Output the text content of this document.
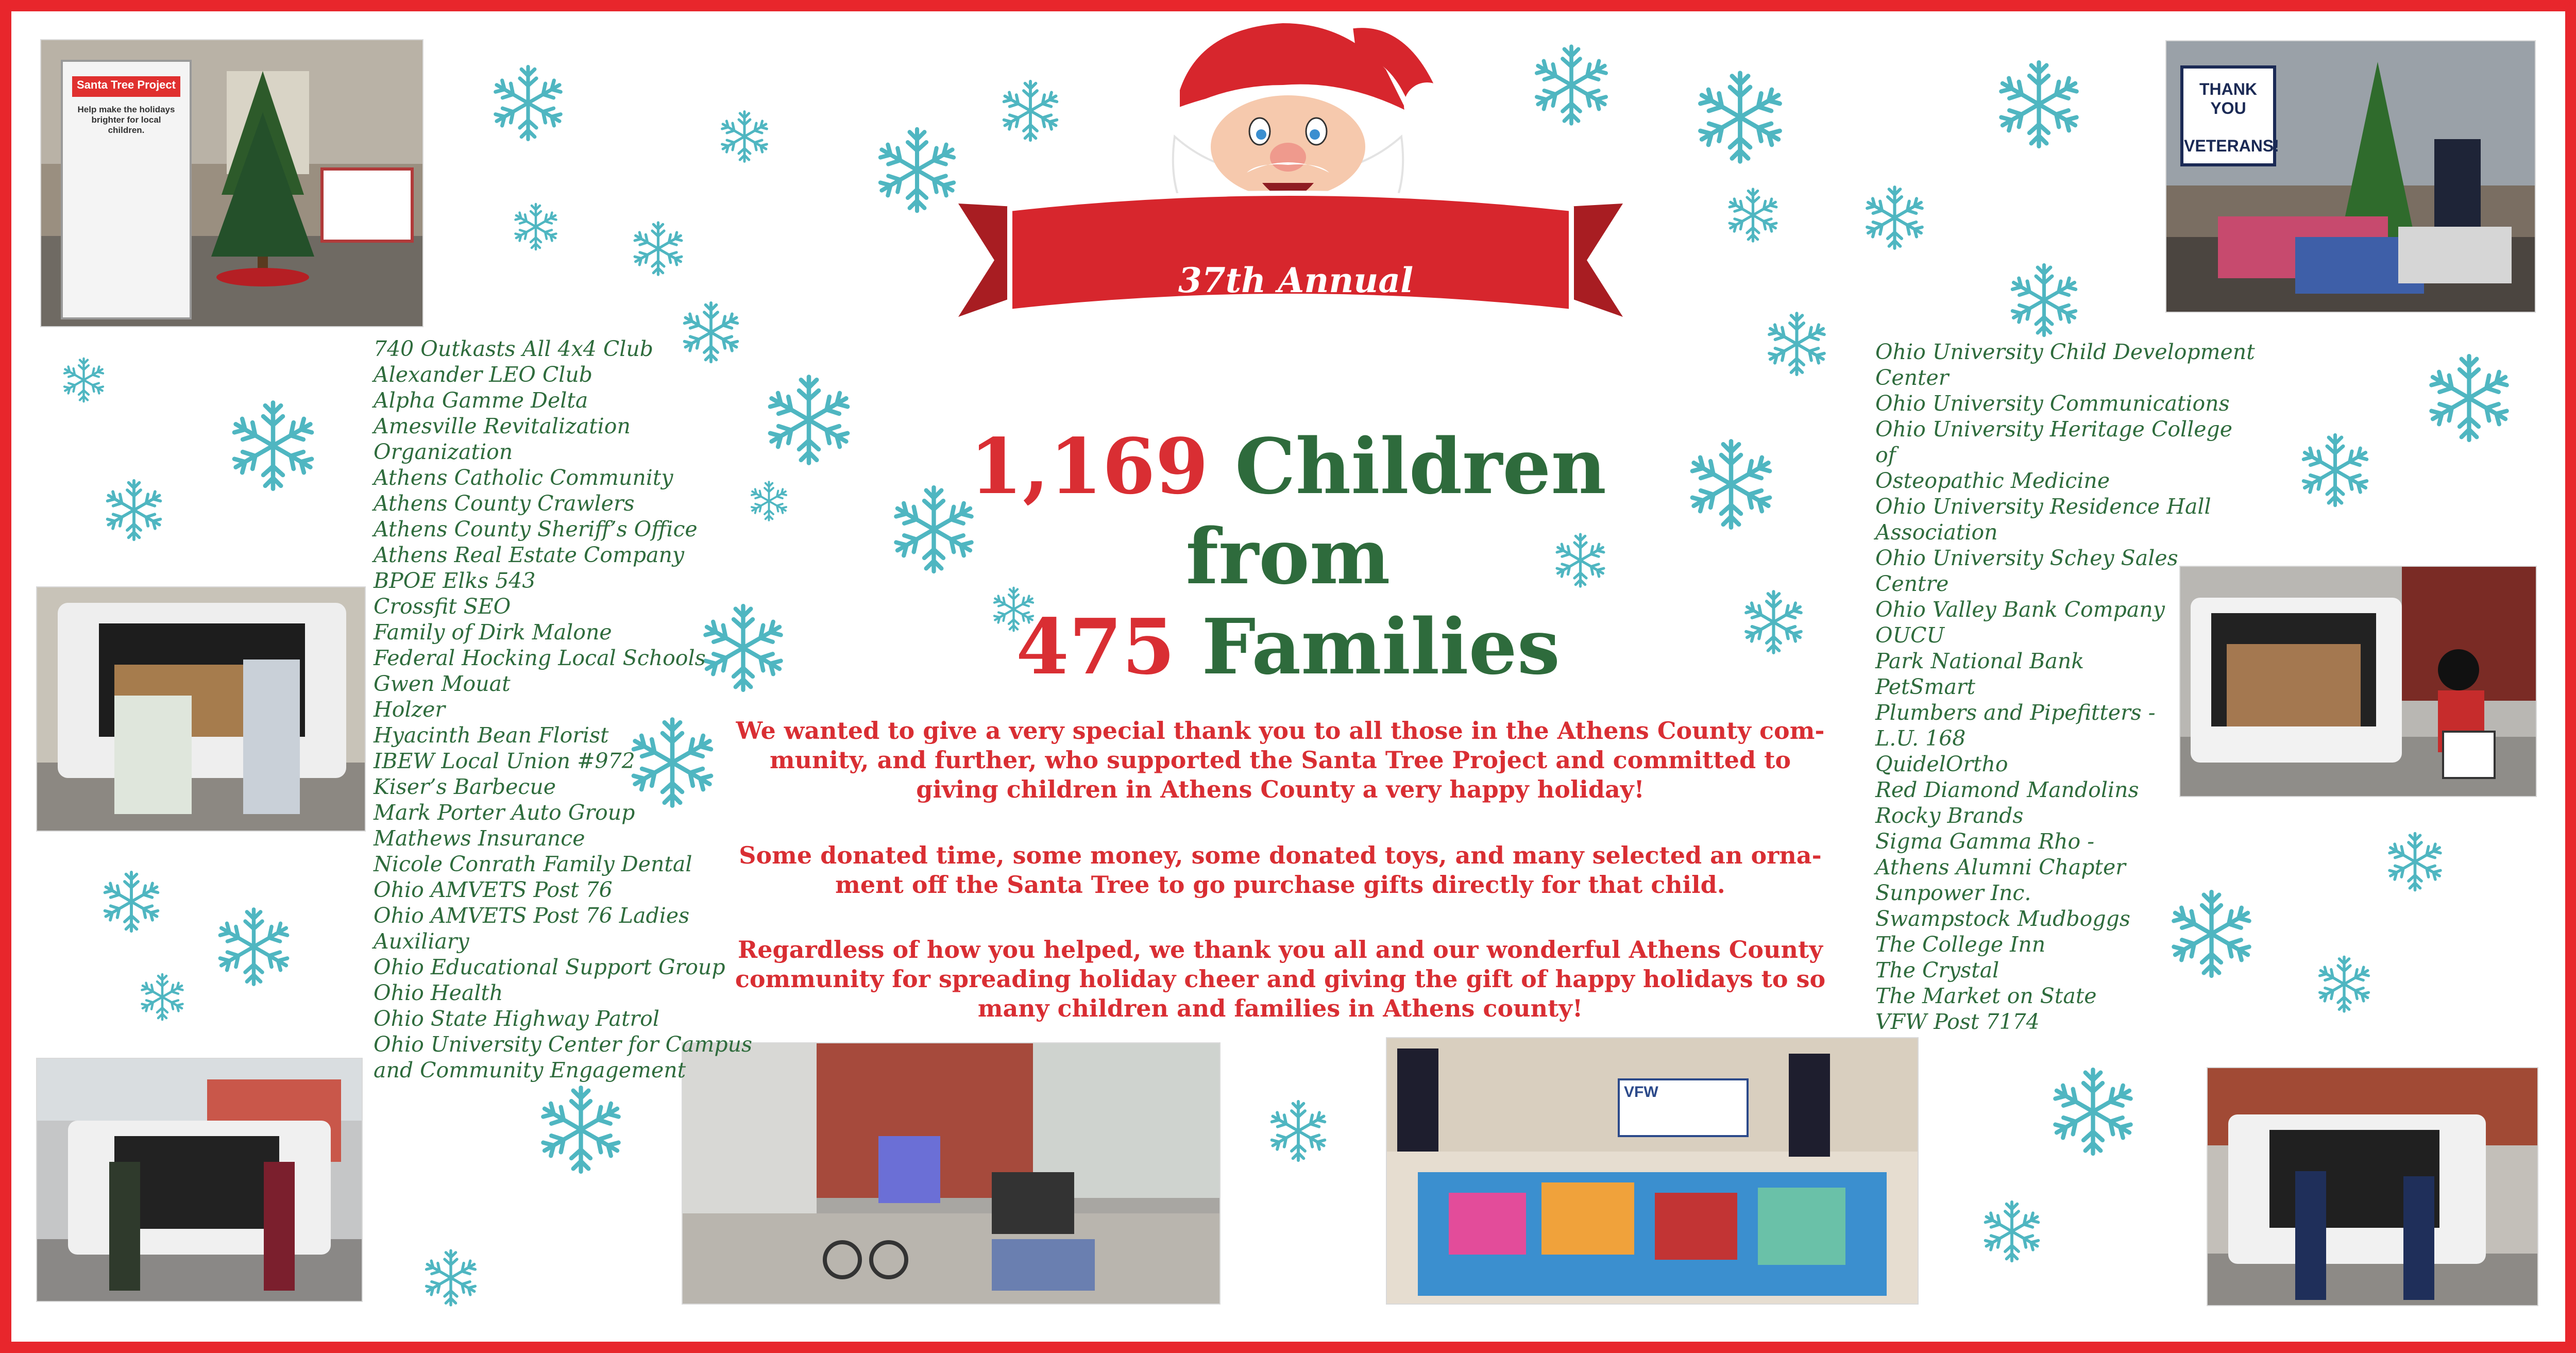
Santa Tree Project
Help make the holidays brighter for local children.
THANK YOU
VETERANS!
VFW
37th Annual
Santa Tree Project
1,169 Children
from
475 Families

We wanted to give a very special thank you to all those in the Athens County com-munity, and further, who supported the Santa Tree Project and committed to giving children in Athens County a very happy holiday!

Some donated time, some money, some donated toys, and many selected an orna-ment off the Santa Tree to go purchase gifts directly for that child.

Regardless of how you helped, we thank you all and our wonderful Athens County community for spreading holiday cheer and giving the gift of happy holidays to so many children and families in Athens county!

740 Outkasts All 4x4 Club
Alexander LEO Club
Alpha Gamme Delta
Amesville Revitalization Organization
Athens Catholic Community
Athens County Crawlers
Athens County Sheriff’s Office
Athens Real Estate Company
BPOE Elks 543
Crossfit SEO
Family of Dirk Malone
Federal Hocking Local Schools
Gwen Mouat
Holzer
Hyacinth Bean Florist
IBEW Local Union #972
Kiser’s Barbecue
Mark Porter Auto Group
Mathews Insurance
Nicole Conrath Family Dental
Ohio AMVETS Post 76
Ohio AMVETS Post 76 Ladies Auxiliary
Ohio Educational Support Group
Ohio Health
Ohio State Highway Patrol
Ohio University Center for Campus
and Community Engagement
Ohio University Child Development
Center
Ohio University Communications
Ohio University Heritage College of
Osteopathic Medicine
Ohio University Residence Hall
Association
Ohio University Schey Sales Centre
Ohio Valley Bank Company
OUCU
Park National Bank
PetSmart
Plumbers and Pipefitters -
L.U. 168
QuidelOrtho
Red Diamond Mandolins
Rocky Brands
Sigma Gamma Rho -
Athens Alumni Chapter
Sunpower Inc.
Swampstock Mudboggs
The College Inn
The Crystal
The Market on State
VFW Post 7174
